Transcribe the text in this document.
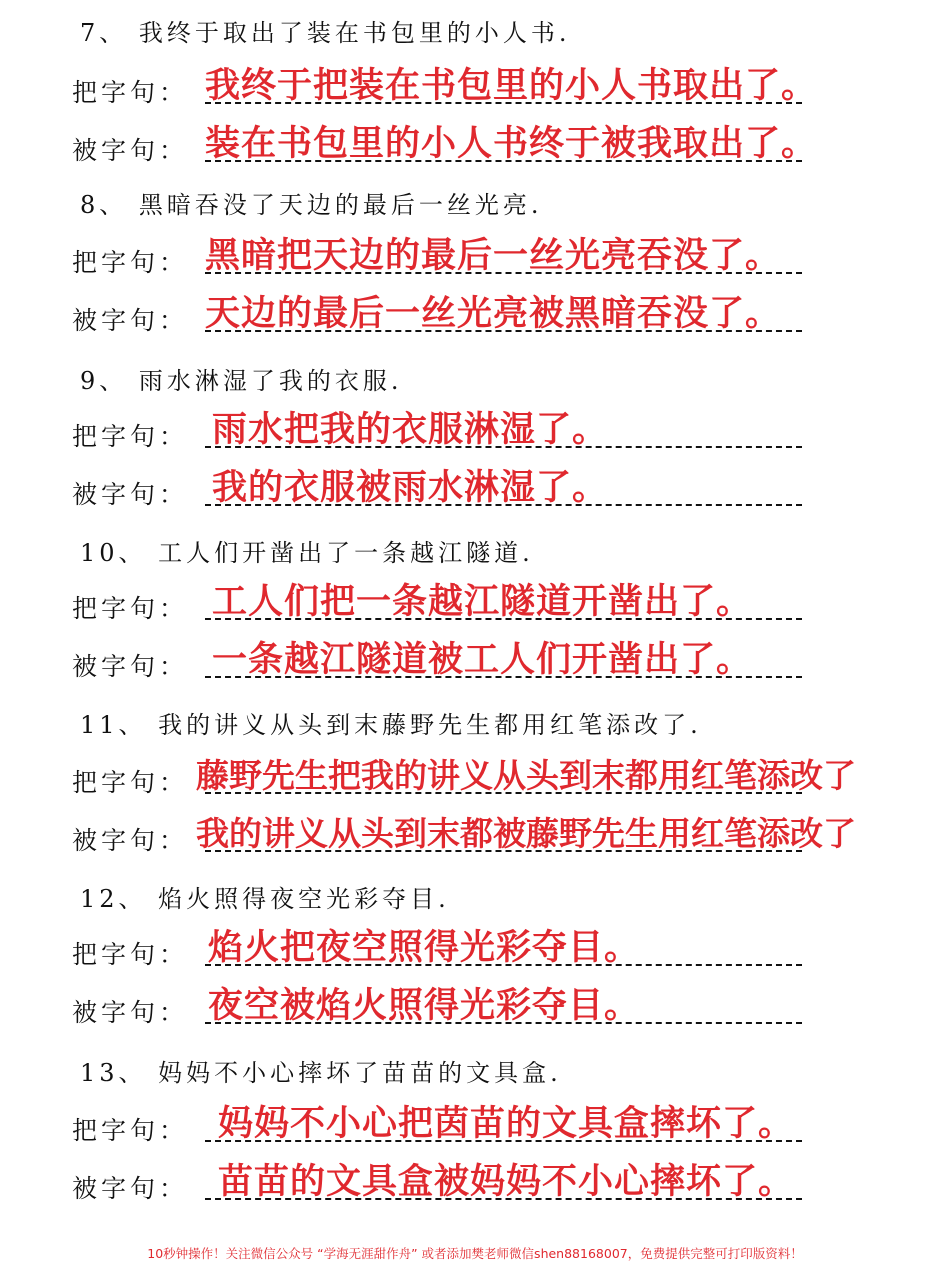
7、 我终于取出了装在书包里的小人书.
把字句： 我终于把装在书包里的小人书取出了。
被字句： 装在书包里的小人书终于被我取出了。
8、 黑暗吞没了天边的最后一丝光亮.
把字句： 黑暗把天边的最后一丝光亮吞没了。
被字句： 天边的最后一丝光亮被黑暗吞没了。
9、 雨水淋湿了我的衣服.
把字句： 雨水把我的衣服淋湿了。
被字句： 我的衣服被雨水淋湿了。
10、 工人们开凿出了一条越江隧道.
把字句： 工人们把一条越江隧道开凿出了。
被字句： 一条越江隧道被工人们开凿出了。
11、 我的讲义从头到末藤野先生都用红笔添改了.
把字句： 藤野先生把我的讲义从头到末都用红笔添改了
被字句： 我的讲义从头到末都被藤野先生用红笔添改了
12、 焰火照得夜空光彩夺目.
把字句： 焰火把夜空照得光彩夺目。
被字句： 夜空被焰火照得光彩夺目。
13、 妈妈不小心摔坏了苗苗的文具盒.
把字句： 妈妈不小心把茵苗的文具盒摔坏了。
被字句： 苗苗的文具盒被妈妈不小心摔坏了。
10秒钟操作！关注微信公众号 “学海无涯甜作舟” 或者添加樊老师微信shen88168007，免费提供完整可打印版资料！
